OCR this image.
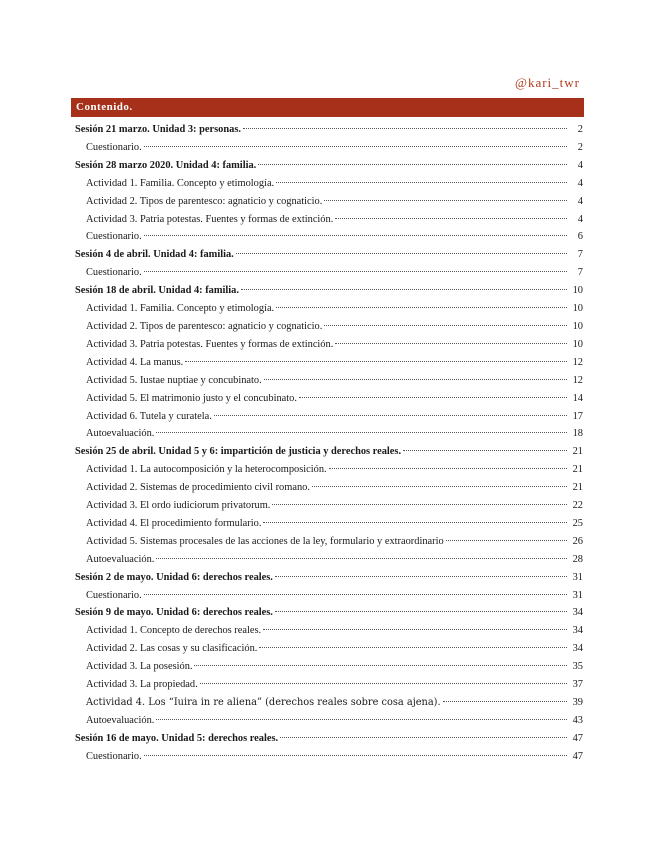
@kari_twr
Contenido.
Sesión 21 marzo. Unidad 3: personas.	2
Cuestionario.	2
Sesión 28 marzo 2020. Unidad 4: familia.	4
Actividad 1. Familia. Concepto y etimología.	4
Actividad 2. Tipos de parentesco: agnaticio y cognaticio.	4
Actividad 3. Patria potestas. Fuentes y formas de extinción.	4
Cuestionario.	6
Sesión 4 de abril. Unidad 4: familia.	7
Cuestionario.	7
Sesión 18 de abril. Unidad 4: familia.	10
Actividad 1. Familia. Concepto y etimología.	10
Actividad 2. Tipos de parentesco: agnaticio y cognaticio.	10
Actividad 3. Patria potestas. Fuentes y formas de extinción.	10
Actividad 4. La manus.	12
Actividad 5. Iustae nuptiae y concubinato.	12
Actividad 5. El matrimonio justo y el concubinato.	14
Actividad 6. Tutela y curatela.	17
Autoevaluación.	18
Sesión 25 de abril. Unidad 5 y 6: impartición de justicia y derechos reales.	21
Actividad 1. La autocomposición y la heterocomposición.	21
Actividad 2. Sistemas de procedimiento civil romano.	21
Actividad 3. El ordo iudiciorum privatorum.	22
Actividad 4. El procedimiento formulario.	25
Actividad 5. Sistemas procesales de las acciones de la ley, formulario y extraordinario	26
Autoevaluación.	28
Sesión 2 de mayo. Unidad 6: derechos reales.	31
Cuestionario.	31
Sesión 9 de mayo. Unidad 6: derechos reales.	34
Actividad 1. Concepto de derechos reales.	34
Actividad 2. Las cosas y su clasificación.	34
Actividad 3. La posesión.	35
Actividad 3. La propiedad.	37
Actividad 4. Los “Iuira in re aliena” (derechos reales sobre cosa ajena).	39
Autoevaluación.	43
Sesión 16 de mayo. Unidad 5: derechos reales.	47
Cuestionario.	47
